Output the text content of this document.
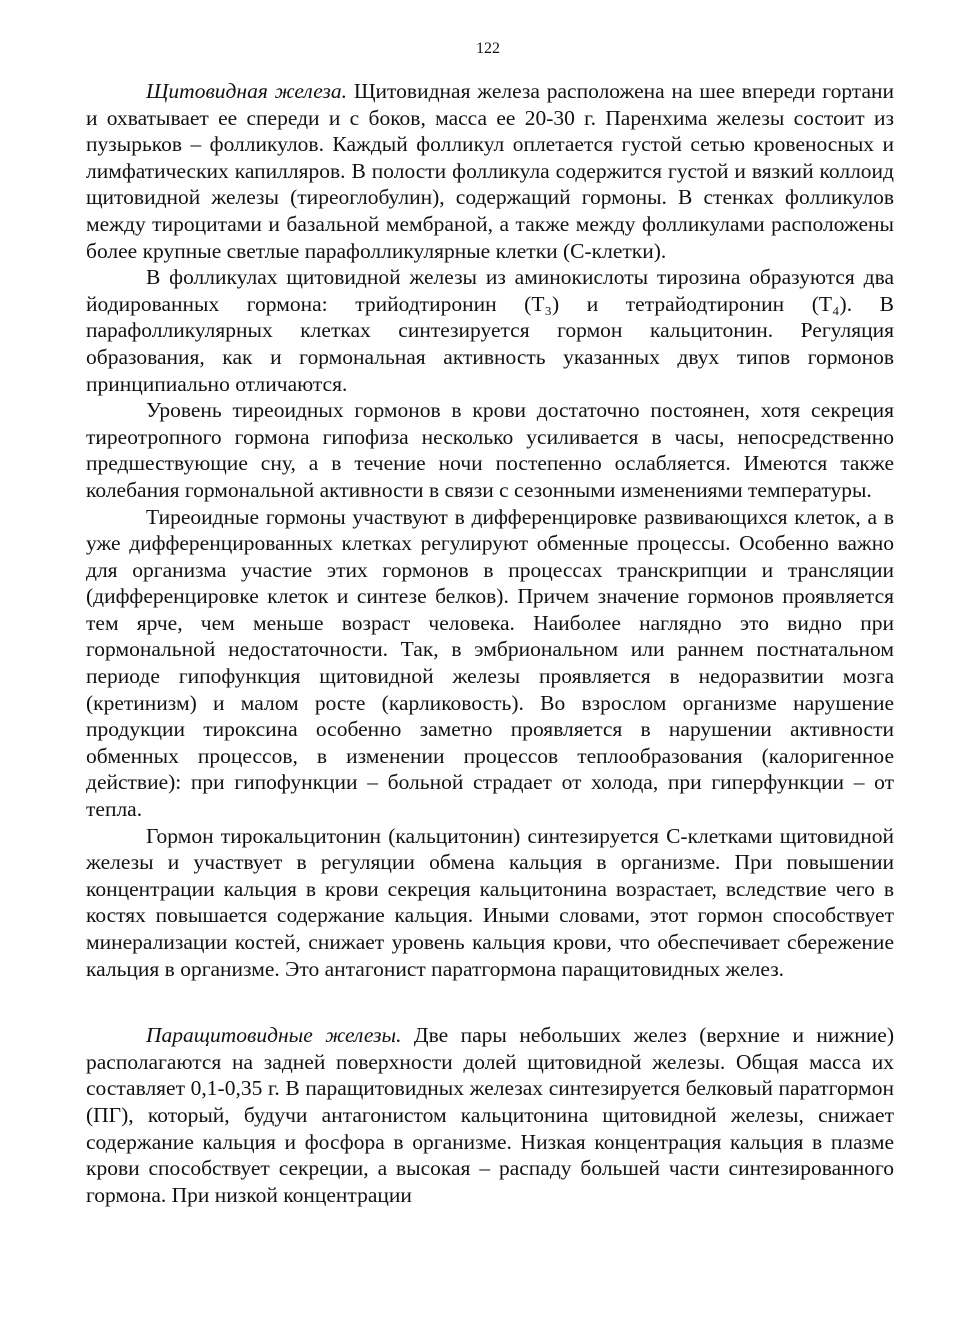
122

Щитовидная железа. Щитовидная железа расположена на шее впереди гортани и охватывает ее спереди и с боков, масса ее 20-30 г. Паренхима железы состоит из пузырьков – фолликулов. Каждый фолликул оплетается густой сетью кровеносных и лимфатических капилляров. В полости фолликула содержится густой и вязкий коллоид щитовидной железы (тиреоглобулин), содержащий гормоны. В стенках фолликулов между тироцитами и базальной мембраной, а также между фолликулами расположены более крупные светлые парафолликулярные клетки (С-клетки).

В фолликулах щитовидной железы из аминокислоты тирозина образуются два йодированных гормона: трийодтиронин (Т₃) и тетрайодтиронин (Т₄). В парафолликулярных клетках синтезируется гормон кальцитонин. Регуляция образования, как и гормональная активность указанных двух типов гормонов принципиально отличаются.

Уровень тиреоидных гормонов в крови достаточно постоянен, хотя секреция тиреотропного гормона гипофиза несколько усиливается в часы, непосредственно предшествующие сну, а в течение ночи постепенно ослабляется. Имеются также колебания гормональной активности в связи с сезонными изменениями температуры.

Тиреоидные гормоны участвуют в дифференцировке развивающихся клеток, а в уже дифференцированных клетках регулируют обменные процессы. Особенно важно для организма участие этих гормонов в процессах транскрипции и трансляции (дифференцировке клеток и синтезе белков). Причем значение гормонов проявляется тем ярче, чем меньше возраст человека. Наиболее наглядно это видно при гормональной недостаточности. Так, в эмбриональном или раннем постнатальном периоде гипофункция щитовидной железы проявляется в недоразвитии мозга (кретинизм) и малом росте (карликовость). Во взрослом организме нарушение продукции тироксина особенно заметно проявляется в нарушении активности обменных процессов, в изменении процессов теплообразования (калоригенное действие): при гипофункции – больной страдает от холода, при гиперфункции – от тепла.

Гормон тирокальцитонин (кальцитонин) синтезируется С-клетками щитовидной железы и участвует в регуляции обмена кальция в организме. При повышении концентрации кальция в крови секреция кальцитонина возрастает, вследствие чего в костях повышается содержание кальция. Иными словами, этот гормон способствует минерализации костей, снижает уровень кальция крови, что обеспечивает сбережение кальция в организме. Это антагонист паратгормона паращитовидных желез.

Паращитовидные железы. Две пары небольших желез (верхние и нижние) располагаются на задней поверхности долей щитовидной железы. Общая масса их составляет 0,1-0,35 г. В паращитовидных железах синтезируется белковый паратгормон (ПГ), который, будучи антагонистом кальцитонина щитовидной железы, снижает содержание кальция и фосфора в организме. Низкая концентрация кальция в плазме крови способствует секреции, а высокая – распаду большей части синтезированного гормона. При низкой концентрации
